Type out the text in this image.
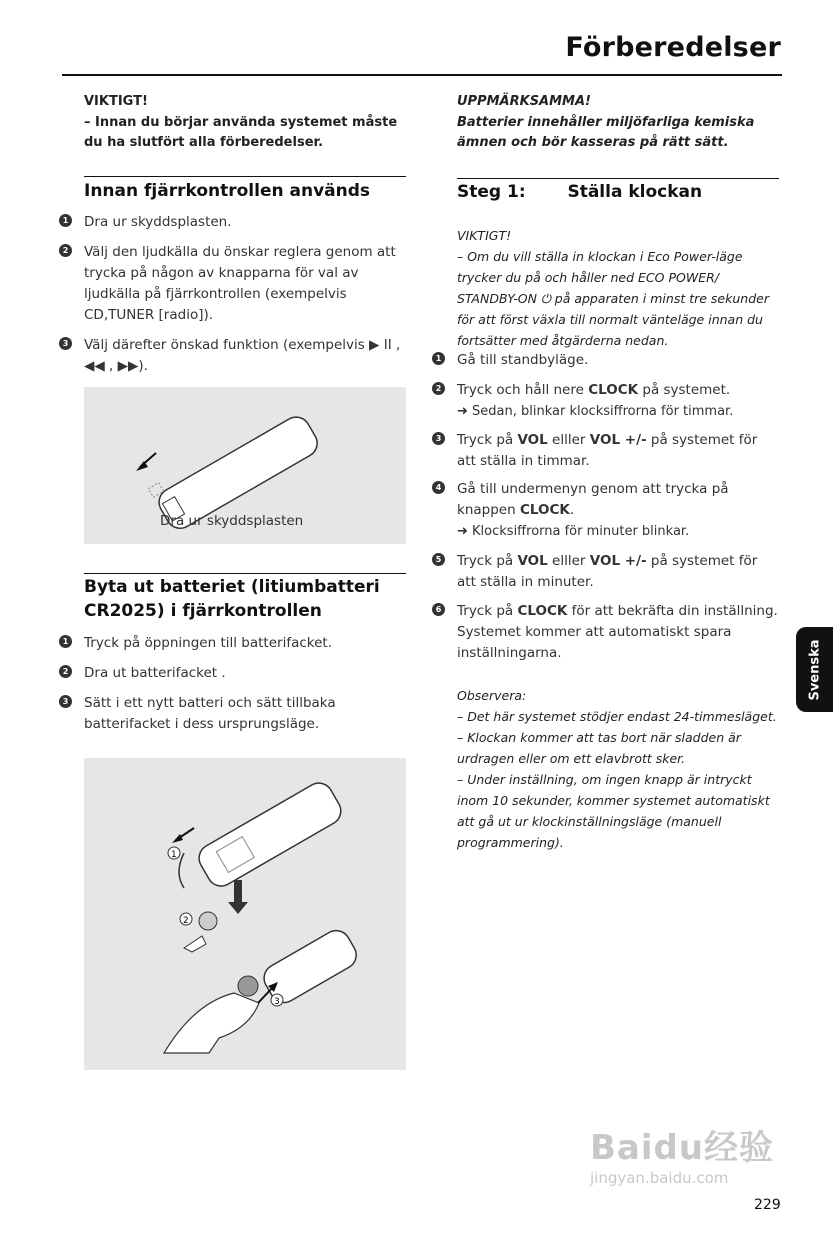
Förberedelser
VIKTIGT!
– Innan du börjar använda systemet måste du ha slutfört alla förberedelser.
Innan fjärrkontrollen används
1 Dra ur skyddsplasten.
2 Välj den ljudkälla du önskar reglera genom att trycka på någon av knapparna för val av ljudkälla på fjärrkontrollen (exempelvis CD,TUNER [radio]).
3 Välj därefter önskad funktion (exempelvis ▶ II , ◀◀ , ▶▶).
Dra ur skyddsplasten
Byta ut batteriet (litiumbatteri CR2025) i fjärrkontrollen
1 Tryck på öppningen till batterifacket.
2 Dra ut batterifacket .
3 Sätt i ett nytt batteri och sätt tillbaka batterifacket i dess ursprungsläge.
1
2
3
UPPMÄRKSAMMA!
Batterier innehåller miljöfarliga kemiska ämnen och bör kasseras på rätt sätt.
Steg 1: Ställa klockan
VIKTIGT!
– Om du vill ställa in klockan i Eco Power-läge trycker du på och håller ned ECO POWER/ STANDBY-ON ⏻ på apparaten i minst tre sekunder för att först växla till normalt vänteläge innan du fortsätter med åtgärderna nedan.
1 Gå till standbyläge.
2 Tryck och håll nere CLOCK på systemet.
➜ Sedan, blinkar klocksiffrorna för timmar.
3 Tryck på VOL elller VOL +/- på systemet för att ställa in timmar.
4 Gå till undermenyn genom att trycka på knappen CLOCK.
➜ Klocksiffrorna för minuter blinkar.
5 Tryck på VOL elller VOL +/- på systemet för att ställa in minuter.
6 Tryck på CLOCK för att bekräfta din inställning. Systemet kommer att automatiskt spara inställningarna.
Observera:
– Det här systemet stödjer endast 24-timmesläget.
– Klockan kommer att tas bort när sladden är urdragen eller om ett elavbrott sker.
– Under inställning, om ingen knapp är intryckt inom 10 sekunder, kommer systemet automatiskt att gå ut ur klockinställningsläge (manuell programmering).
Svenska
Baidu经验
jingyan.baidu.com
229
